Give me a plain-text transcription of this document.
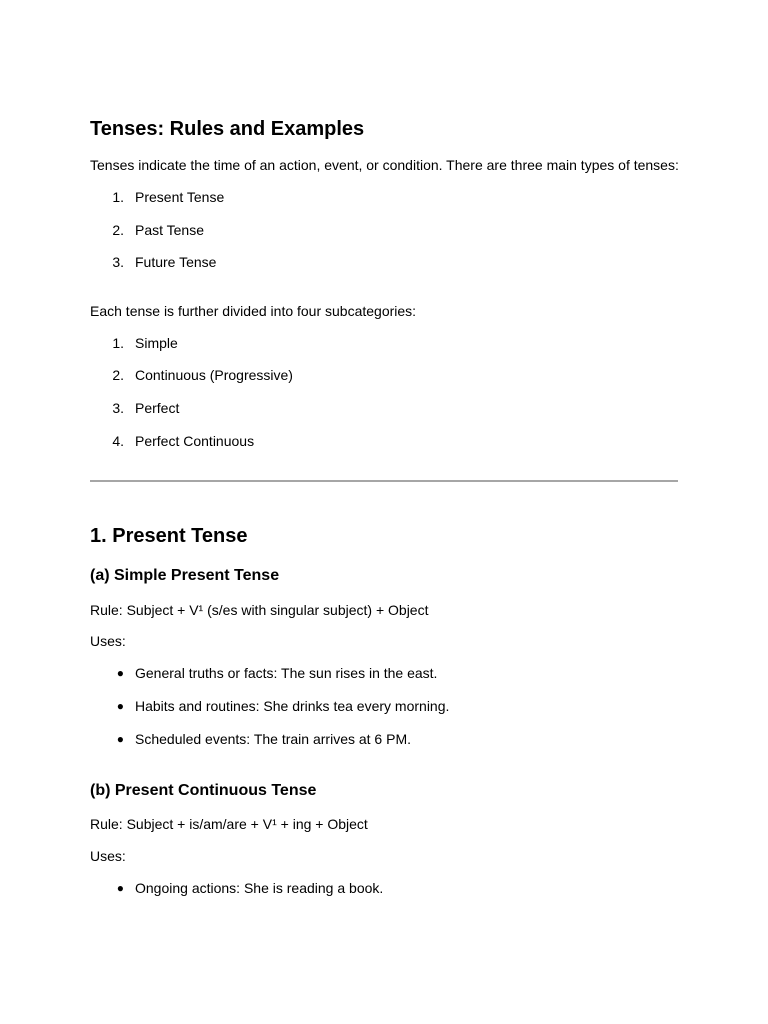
Tenses: Rules and Examples
Tenses indicate the time of an action, event, or condition. There are three main types of tenses:
1. Present Tense
2. Past Tense
3. Future Tense
Each tense is further divided into four subcategories:
1. Simple
2. Continuous (Progressive)
3. Perfect
4. Perfect Continuous
1. Present Tense
(a) Simple Present Tense
Rule: Subject + V¹ (s/es with singular subject) + Object
Uses:
● General truths or facts: The sun rises in the east.
● Habits and routines: She drinks tea every morning.
● Scheduled events: The train arrives at 6 PM.
(b) Present Continuous Tense
Rule: Subject + is/am/are + V¹ + ing + Object
Uses:
● Ongoing actions: She is reading a book.
